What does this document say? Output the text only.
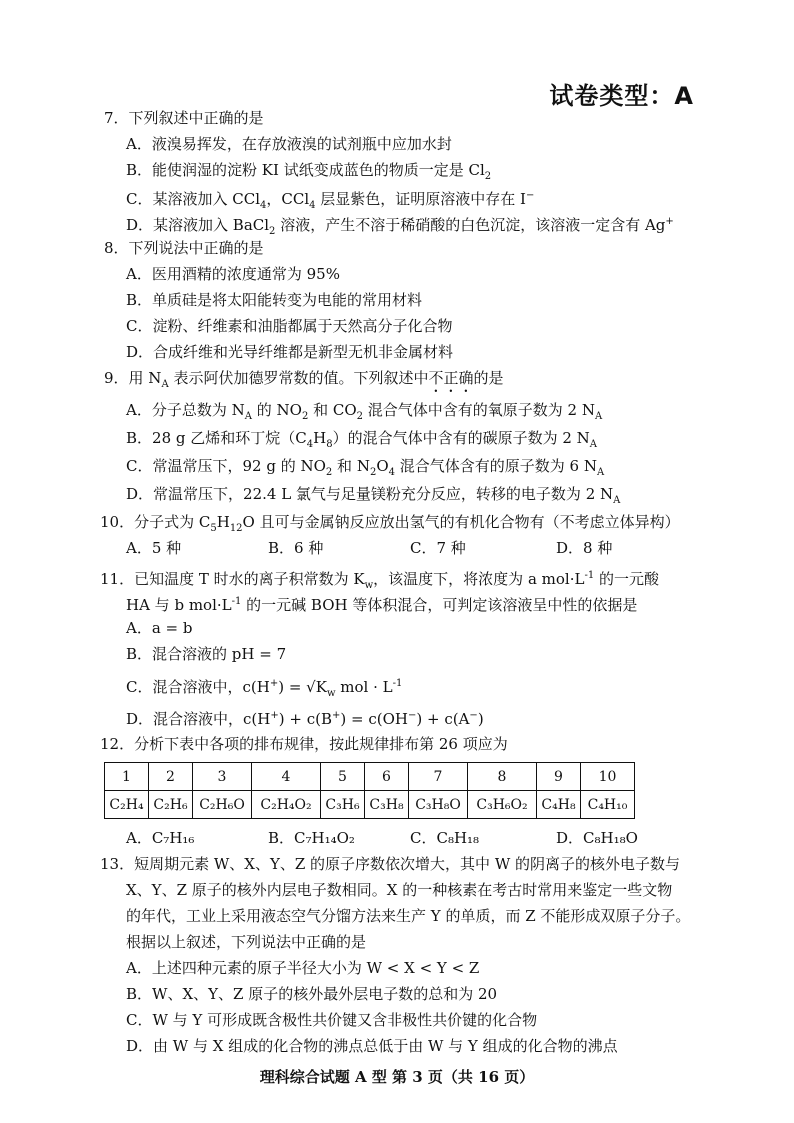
试卷类型：A
7．下列叙述中正确的是
A．液溴易挥发，在存放液溴的试剂瓶中应加水封
B．能使润湿的淀粉 KI 试纸变成蓝色的物质一定是 $Cl_2$
C．某溶液加入 CCl$_4$，CCl$_4$ 层显紫色，证明原溶液中存在 I−
D．某溶液加入 BaCl$_2$ 溶液，产生不溶于稀硝酸的白色沉淀，该溶液一定含有 Ag+
8．下列说法中正确的是
A．医用酒精的浓度通常为 95%
B．单质硅是将太阳能转变为电能的常用材料
C．淀粉、纤维素和油脂都属于天然高分子化合物
D．合成纤维和光导纤维都是新型无机非金属材料
9．用 $N_A$ 表示阿伏加德罗常数的值。下列叙述中不正确的是
A．分子总数为 $N_A$ 的 $NO_2$ 和 $CO_2$ 混合气体中含有的氧原子数为 2 $N_A$
B．28 g 乙烯和环丁烷$(C_4H_8)$的混合气体中含有的碳原子数为 2 $N_A$
C．常温常压下，92 g 的 $NO_2$ 和 $N_2O_4$ 混合气体含有的原子数为 6 $N_A$
D．常温常压下，22.4 L 氯气与足量镁粉充分反应，转移的电子数为 2 $N_A$
10．分子式为 $C_5H_{12}O$ 且可与金属钠反应放出氢气的有机化合物有（不考虑立体异构）
A．5 种	B．6 种	C．7 种	D．8 种
11．已知温度 T 时水的离子积常数为 $K_w$，该温度下，将浓度为 a $mol\cdot L^{-1}$ 的一元酸
HA 与 b $mol\cdot L^{-1}$ 的一元碱 BOH 等体积混合，可判定该溶液呈中性的依据是
A．a = b
B．混合溶液的 pH = 7
C．混合溶液中，$c(H^+) = √K_w$ mol · $L^{-1}$
D．混合溶液中，c(H+) + c(B+) = c(OH−) + c(A−)
12．分析下表中各项的排布规律，按此规律排布第 26 项应为
1	2	3	4	5	6	7	8	9	10
C₂H₄	C₂H₆	C₂H₆O	C₂H₄O₂	C₃H₆	C₃H₈	C₃H₈O	C₃H₆O₂	C₄H₈	C₄H₁₀
A．C₇H₁₆	B．C₇H₁₄O₂	C．C₈H₁₈	D．C₈H₁₈O
13．短周期元素 W、X、Y、Z 的原子序数依次增大，其中 W 的阴离子的核外电子数与
X、Y、Z 原子的核外内层电子数相同。X 的一种核素在考古时常用来鉴定一些文物
的年代，工业上采用液态空气分馏方法来生产 Y 的单质，而 Z 不能形成双原子分子。
根据以上叙述，下列说法中正确的是
A．上述四种元素的原子半径大小为 W < X < Y < Z
B．W、X、Y、Z 原子的核外最外层电子数的总和为 20
C．W 与 Y 可形成既含极性共价键又含非极性共价键的化合物
D．由 W 与 X 组成的化合物的沸点总低于由 W 与 Y 组成的化合物的沸点
理科综合试题 A 型 第 3 页（共 16 页）
